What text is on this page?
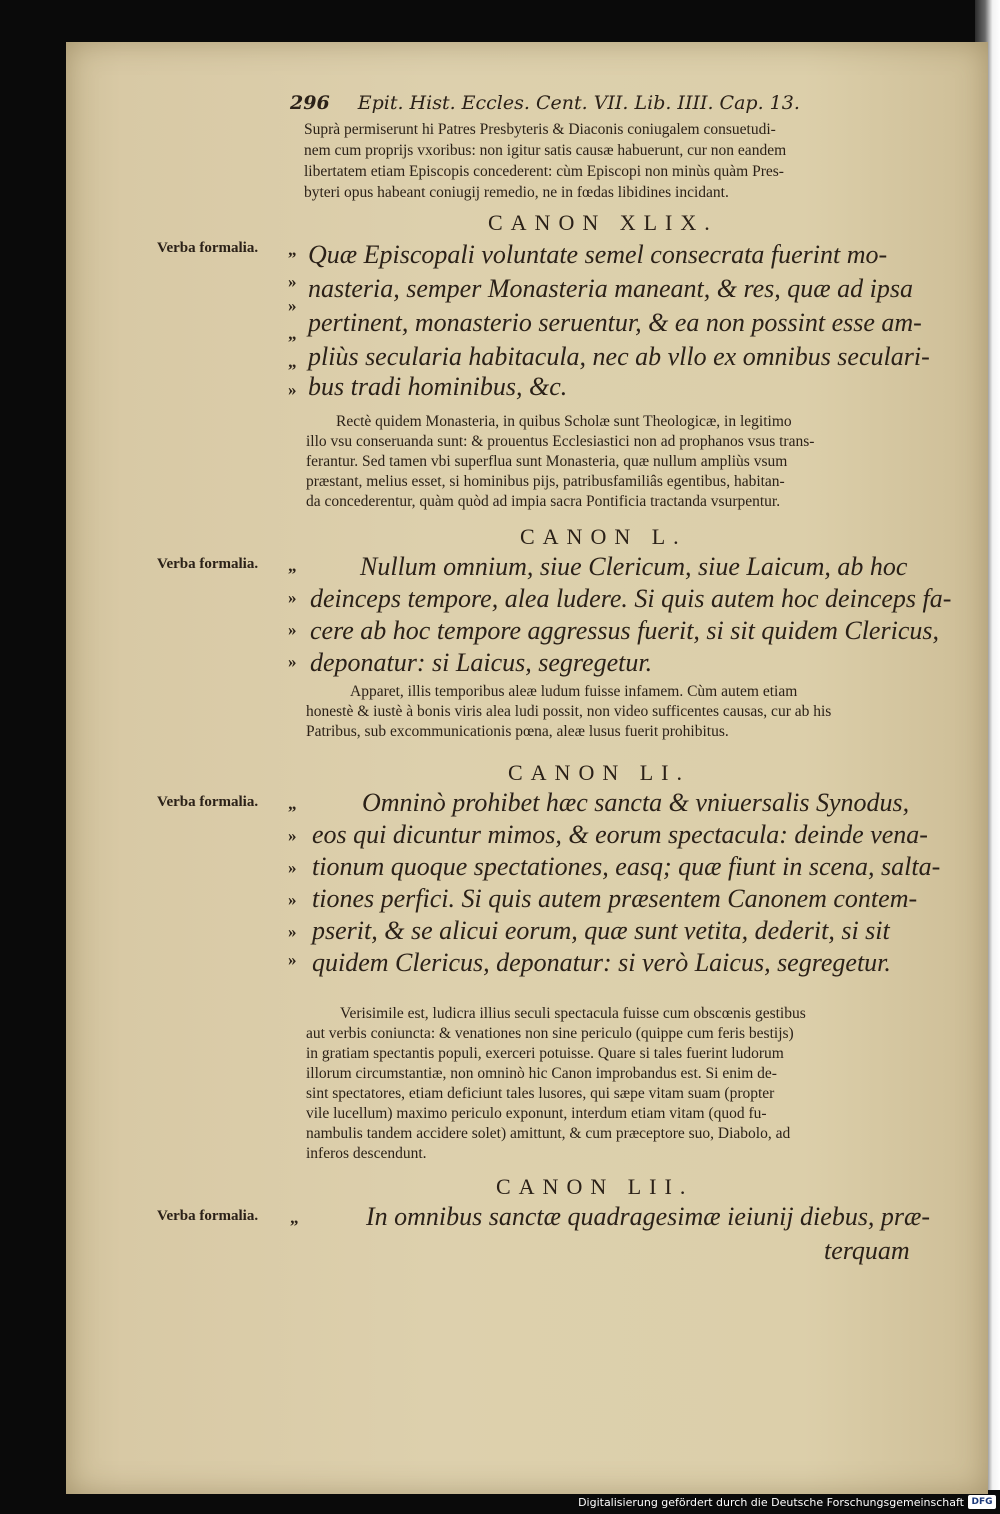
296 Epit. Hist. Eccles. Cent. VII. Lib. IIII. Cap. 13.
Suprà permiserunt hi Patres Presbyteris & Diaconis coniugalem consuetudi-
nem cum proprijs vxoribus: non igitur satis causæ habuerunt, cur non eandem
libertatem etiam Episcopis concederent: cùm Episcopi non minùs quàm Pres-
byteri opus habeant coniugij remedio, ne in fœdas libidines incidant.
CANON XLIX.
Verba formalia. „
»
»
„
„
»
Quæ Episcopali voluntate semel consecrata fuerint mo-
nasteria, semper Monasteria maneant, & res, quæ ad ipsa
pertinent, monasterio seruentur, & ea non possint esse am-
pliùs secularia habitacula, nec ab vllo ex omnibus seculari-
bus tradi hominibus, &c.
Rectè quidem Monasteria, in quibus Scholæ sunt Theologicæ, in legitimo
illo vsu conseruanda sunt: & prouentus Ecclesiastici non ad prophanos vsus trans-
ferantur. Sed tamen vbi superflua sunt Monasteria, quæ nullum ampliùs vsum
præstant, melius esset, si hominibus pijs, patribusfamiliâs egentibus, habitan-
da concederentur, quàm quòd ad impia sacra Pontificia tractanda vsurpentur.
CANON L.
Verba formalia. „
»
»
»
Nullum omnium, siue Clericum, siue Laicum, ab hoc
deinceps tempore, alea ludere. Si quis autem hoc deinceps fa-
cere ab hoc tempore aggressus fuerit, si sit quidem Clericus,
deponatur: si Laicus, segregetur.
Apparet, illis temporibus aleæ ludum fuisse infamem. Cùm autem etiam
honestè & iustè à bonis viris alea ludi possit, non video sufficentes causas, cur ab his
Patribus, sub excommunicationis pœna, aleæ lusus fuerit prohibitus.
CANON LI.
Verba formalia. „
»
»
»
»
»
Omninò prohibet hæc sancta & vniuersalis Synodus,
eos qui dicuntur mimos, & eorum spectacula: deinde vena-
tionum quoque spectationes, easq; quæ fiunt in scena, salta-
tiones perfici. Si quis autem præsentem Canonem contem-
pserit, & se alicui eorum, quæ sunt vetita, dederit, si sit
quidem Clericus, deponatur: si verò Laicus, segregetur.
Verisimile est, ludicra illius seculi spectacula fuisse cum obscœnis gestibus
aut verbis coniuncta: & venationes non sine periculo (quippe cum feris bestijs)
in gratiam spectantis populi, exerceri potuisse. Quare si tales fuerint ludorum
illorum circumstantiæ, non omninò hic Canon improbandus est. Si enim de-
sint spectatores, etiam deficiunt tales lusores, qui sæpe vitam suam (propter
vile lucellum) maximo periculo exponunt, interdum etiam vitam (quod fu-
nambulis tandem accidere solet) amittunt, & cum præceptore suo, Diabolo, ad
inferos descendunt.
CANON LII.
Verba formalia. „	In omnibus sanctæ quadragesimæ ieiunij diebus, præ-
terquam
Digitalisierung gefördert durch die Deutsche Forschungsgemeinschaft DFG
